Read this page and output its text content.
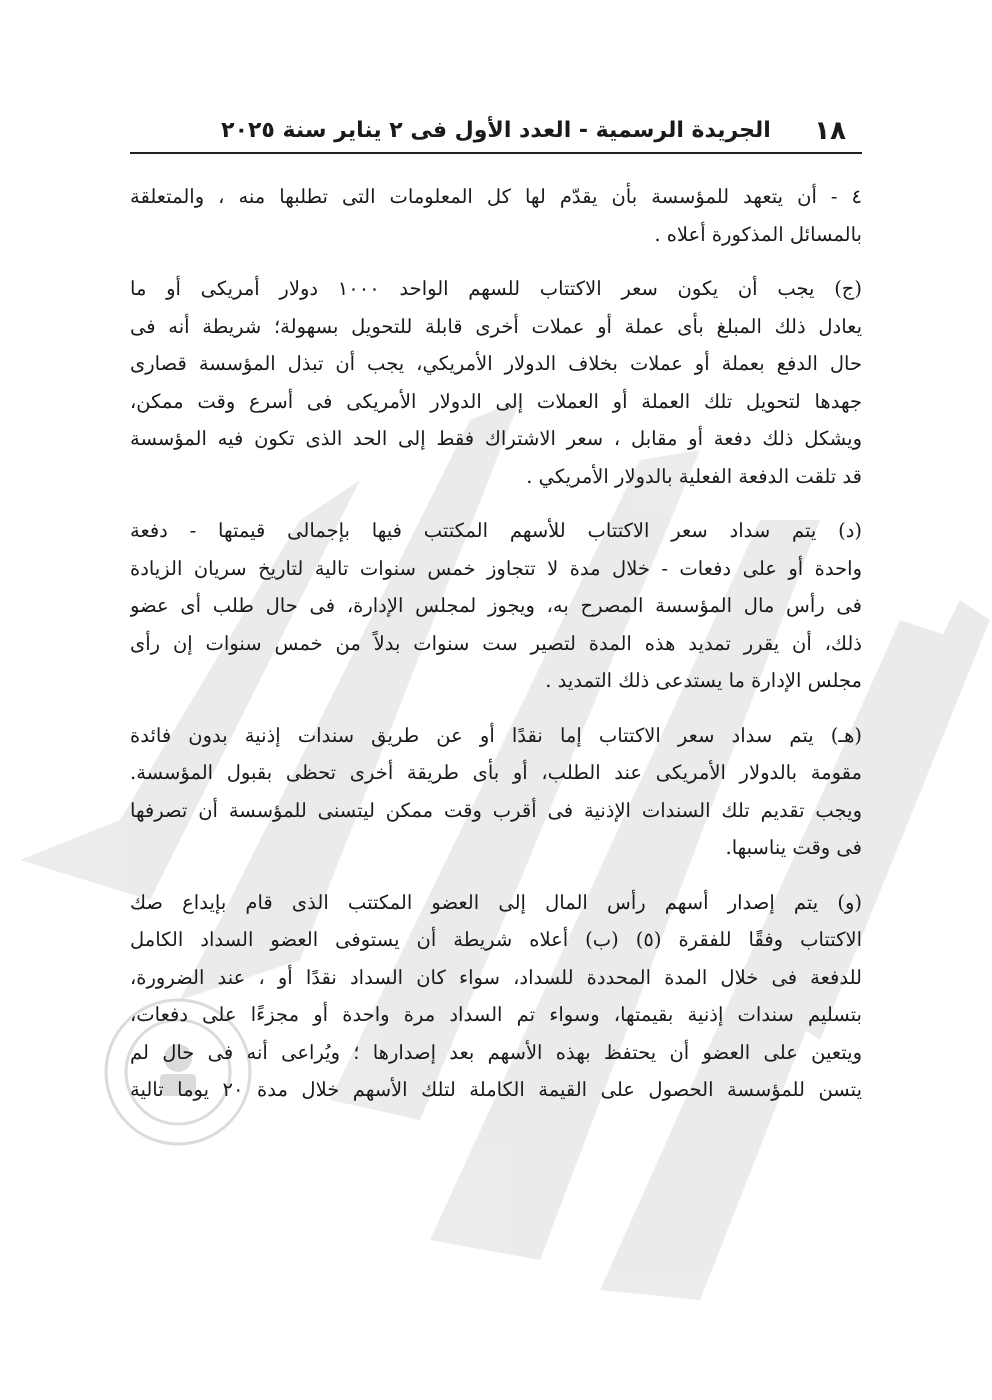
١٨
الجريدة الرسمية - العدد الأول فى ٢ يناير سنة ٢٠٢٥

٤ - أن يتعهد للمؤسسة بأن يقدّم لها كل المعلومات التى تطلبها منه ، والمتعلقة
بالمسائل المذكورة أعلاه .

(ج) يجب أن يكون سعر الاكتتاب للسهم الواحد ١٠٠٠ دولار أمريكى أو ما
يعادل ذلك المبلغ بأى عملة أو عملات أخرى قابلة للتحويل بسهولة؛ شريطة أنه فى
حال الدفع بعملة أو عملات بخلاف الدولار الأمريكي، يجب أن تبذل المؤسسة قصارى
جهدها لتحويل تلك العملة أو العملات إلى الدولار الأمريكى فى أسرع وقت ممكن،
ويشكل ذلك دفعة أو مقابل ، سعر الاشتراك فقط إلى الحد الذى تكون فيه المؤسسة
قد تلقت الدفعة الفعلية بالدولار الأمريكي .

(د) يتم سداد سعر الاكتتاب للأسهم المكتتب فيها بإجمالى قيمتها - دفعة
واحدة أو على دفعات - خلال مدة لا تتجاوز خمس سنوات تالية لتاريخ سريان الزيادة
فى رأس مال المؤسسة المصرح به، ويجوز لمجلس الإدارة، فى حال طلب أى عضو
ذلك، أن يقرر تمديد هذه المدة لتصير ست سنوات بدلاً من خمس سنوات إن رأى
مجلس الإدارة ما يستدعى ذلك التمديد .

(هـ) يتم سداد سعر الاكتتاب إما نقدًا أو عن طريق سندات إذنية بدون فائدة
مقومة بالدولار الأمريكى عند الطلب، أو بأى طريقة أخرى تحظى بقبول المؤسسة.
ويجب تقديم تلك السندات الإذنية فى أقرب وقت ممكن ليتسنى للمؤسسة أن تصرفها
فى وقت يناسبها.

(و) يتم إصدار أسهم رأس المال إلى العضو المكتتب الذى قام بإيداع صك
الاكتتاب وفقًا للفقرة (٥) (ب) أعلاه شريطة أن يستوفى العضو السداد الكامل
للدفعة فى خلال المدة المحددة للسداد، سواء كان السداد نقدًا أو ، عند الضرورة،
بتسليم سندات إذنية بقيمتها، وسواء تم السداد مرة واحدة أو مجزءًا على دفعات،
ويتعين على العضو أن يحتفظ بهذه الأسهم بعد إصدارها ؛ ويُراعى أنه فى حال لم
يتسن للمؤسسة الحصول على القيمة الكاملة لتلك الأسهم خلال مدة ٢٠ يوما تالية
